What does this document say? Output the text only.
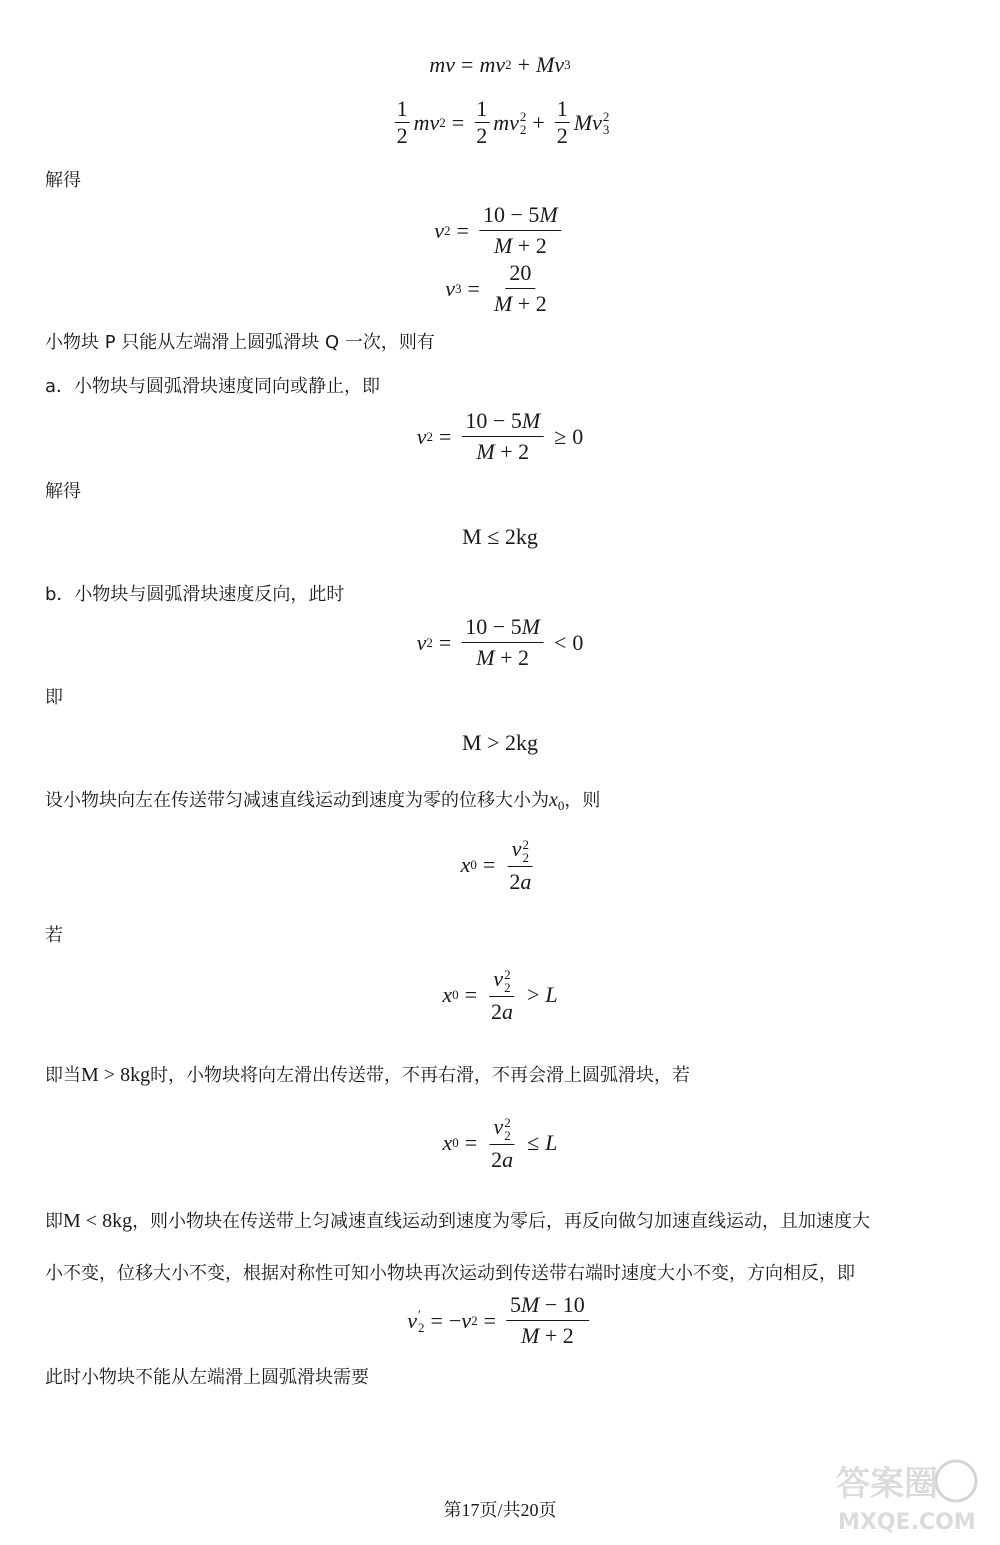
mv = mv 2 + Mv 3
$\frac{1}{2}$ mv $2 = \frac{1}{2}$ mv 2
$2 + \frac{1}{2}$ Mv 2
3
解得
v $2 = \frac{10 - 5M}{M + 2}$
v $3 = \frac{20}{M + 2}$
小物块 P 只能从左端滑上圆弧滑块 Q 一次，则有
a．小物块与圆弧滑块速度同向或静止，即
v $2 = \frac{10 - 5M}{M + 2} \ge 0$
解得
M ≤ 2kg
b．小物块与圆弧滑块速度反向，此时
v $2 = \frac{10 - 5M}{M + 2} < 0$
即
M > 2kg
设小物块向左在传送带匀减速直线运动到速度为零的位移大小为$x_0$，则
x 0 = v 2
2
2a
若
x 0 = v 2
2
2a > L
即当M > 8kg时，小物块将向左滑出传送带，不再右滑，不再会滑上圆弧滑块，若
x 0 = v 2
2
2a ≤ L
即M < 8kg，则小物块在传送带上匀减速直线运动到速度为零后，再反向做匀加速直线运动，且加速度大
小不变，位移大小不变，根据对称性可知小物块再次运动到传送带右端时速度大小不变，方向相反，即
v ′
2 = − v $2 = \frac{5M - 10}{M + 2}$
此时小物块不能从左端滑上圆弧滑块需要
第17页/共20页
答案圈
MXQE.COM
